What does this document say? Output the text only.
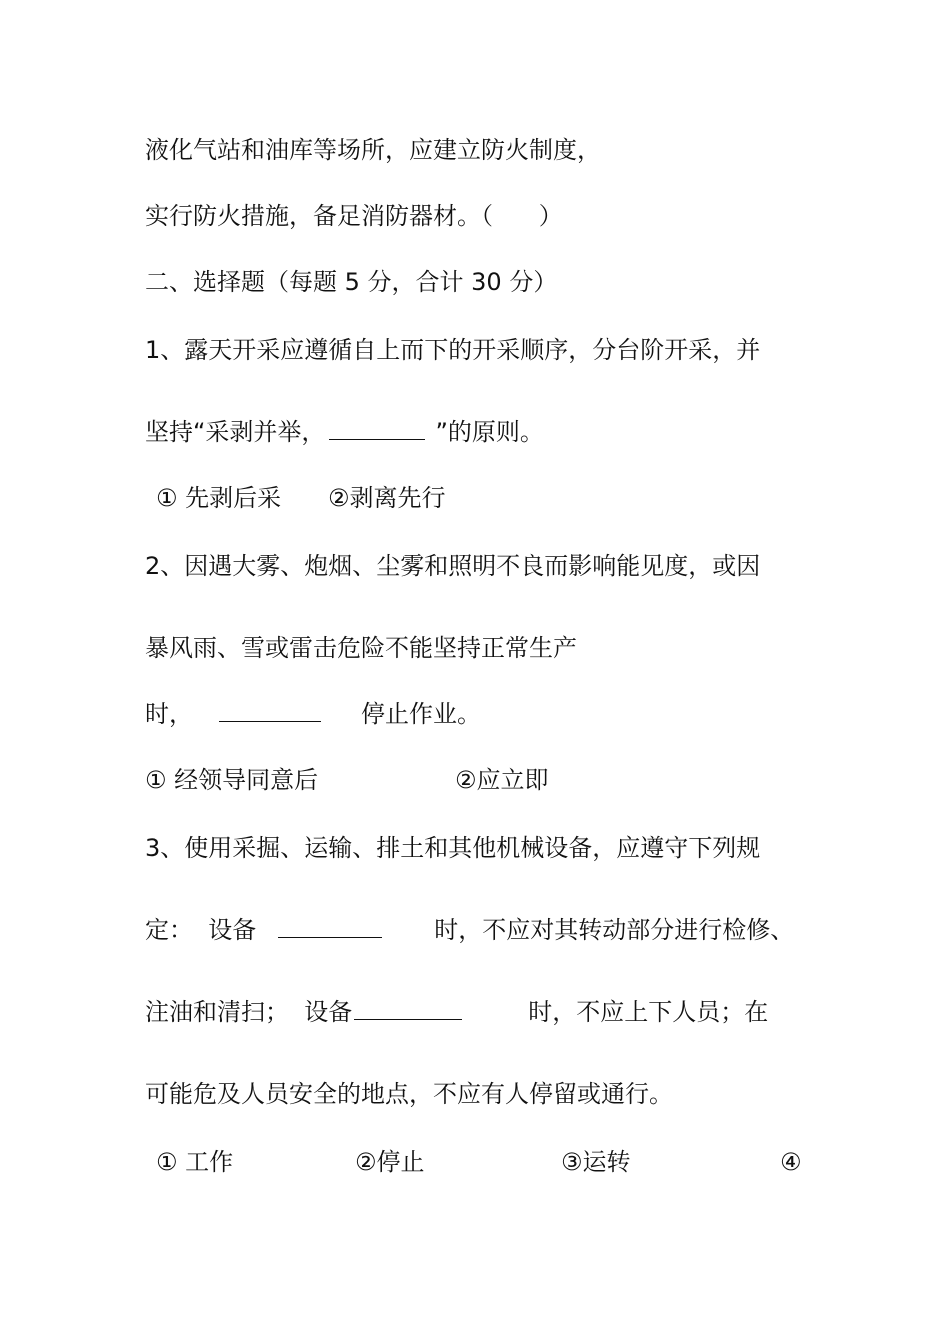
液化气站和油库等场所，应建立防火制度，
实行防火措施，备足消防器材。（      ）
二、选择题（每题 5 分，合计 30 分）
1、露天开采应遵循自上而下的开采顺序，分台阶开采，并
坚持“采剥并举，	”的原则。
① 先剥后采 ②剥离先行
2、因遇大雾、炮烟、尘雾和照明不良而影响能见度，或因
暴风雨、雪或雷击危险不能坚持正常生产
时，	停止作业。
① 经领导同意后	②应立即
3、使用采掘、运输、排土和其他机械设备，应遵守下列规
定：  设备	时，不应对其转动部分进行检修、
注油和清扫；  设备	时，不应上下人员；在
可能危及人员安全的地点，不应有人停留或通行。
① 工作	②停止	③运转	④
